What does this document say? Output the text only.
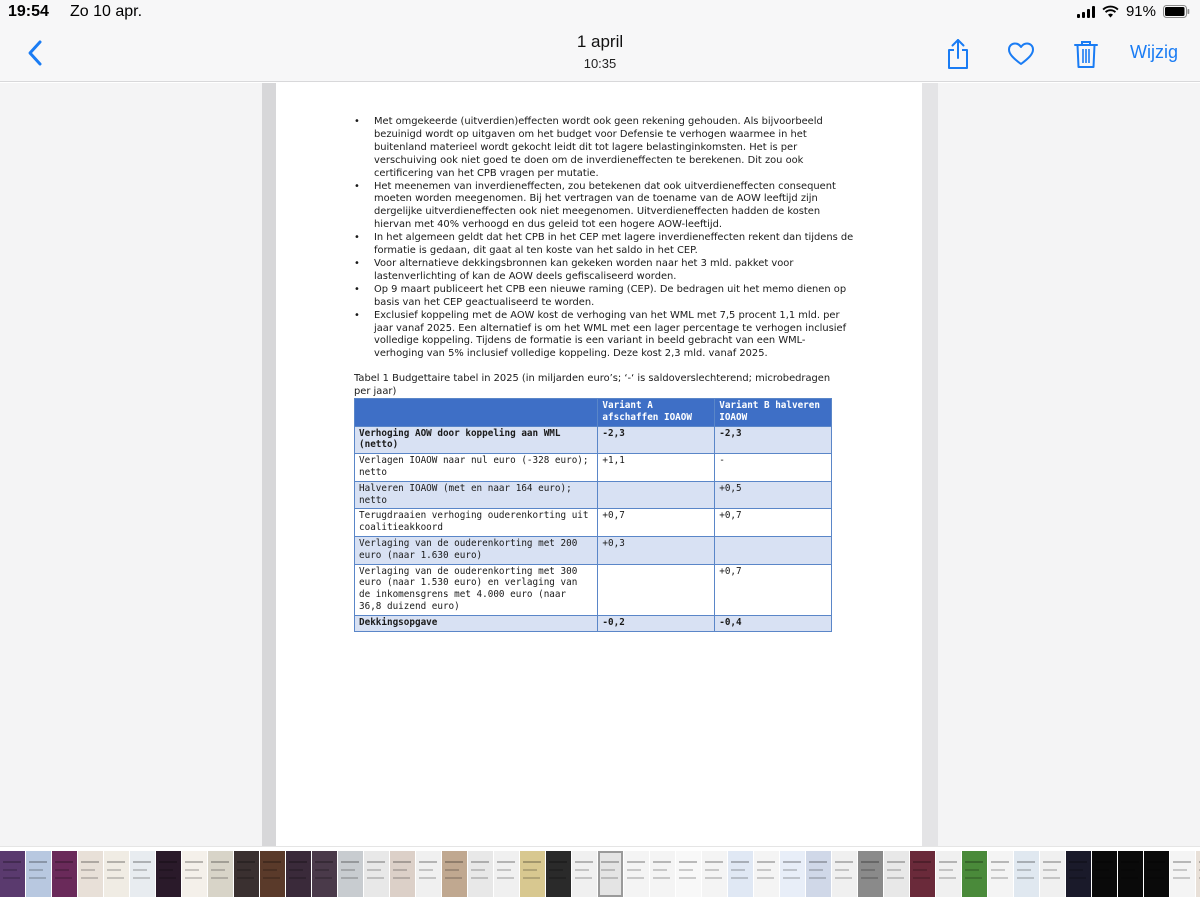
19:54 Zo 10 apr.	91%
1 april
10:35
Wijzig
• Met omgekeerde (uitverdien)effecten wordt ook geen rekening gehouden. Als bijvoorbeeld bezuinigd wordt op uitgaven om het budget voor Defensie te verhogen waarmee in het buitenland materieel wordt gekocht leidt dit tot lagere belastinginkomsten. Het is per verschuiving ook niet goed te doen om de inverdieneffecten te berekenen. Dit zou ook certificering van het CPB vragen per mutatie.
• Het meenemen van inverdieneffecten, zou betekenen dat ook uitverdieneffecten consequent moeten worden meegenomen. Bij het vertragen van de toename van de AOW leeftijd zijn dergelijke uitverdieneffecten ook niet meegenomen. Uitverdieneffecten hadden de kosten hiervan met 40% verhoogd en dus geleid tot een hogere AOW-leeftijd.
• In het algemeen geldt dat het CPB in het CEP met lagere inverdieneffecten rekent dan tijdens de formatie is gedaan, dit gaat al ten koste van het saldo in het CEP.
• Voor alternatieve dekkingsbronnen kan gekeken worden naar het 3 mld. pakket voor lastenverlichting of kan de AOW deels gefiscaliseerd worden.
• Op 9 maart publiceert het CPB een nieuwe raming (CEP). De bedragen uit het memo dienen op basis van het CEP geactualiseerd te worden.
• Exclusief koppeling met de AOW kost de verhoging van het WML met 7,5 procent 1,1 mld. per jaar vanaf 2025. Een alternatief is om het WML met een lager percentage te verhogen inclusief volledige koppeling. Tijdens de formatie is een variant in beeld gebracht van een WML-verhoging van 5% inclusief volledige koppeling. Deze kost 2,3 mld. vanaf 2025.
Tabel 1 Budgettaire tabel in 2025 (in miljarden euro’s; ‘-‘ is saldoverslechterend; microbedragen per jaar)
	Variant A afschaffen IOAOW	Variant B halveren IOAOW
Verhoging AOW door koppeling aan WML (netto)	-2,3	-2,3
Verlagen IOAOW naar nul euro (-328 euro); netto	+1,1	-
Halveren IOAOW (met en naar 164 euro); netto		+0,5
Terugdraaien verhoging ouderenkorting uit coalitieakkoord	+0,7	+0,7
Verlaging van de ouderenkorting met 200 euro (naar 1.630 euro)	+0,3	
Verlaging van de ouderenkorting met 300 euro (naar 1.530 euro) en verlaging van de inkomensgrens met 4.000 euro (naar 36,8 duizend euro)		+0,7
Dekkingsopgave	-0,2	-0,4
